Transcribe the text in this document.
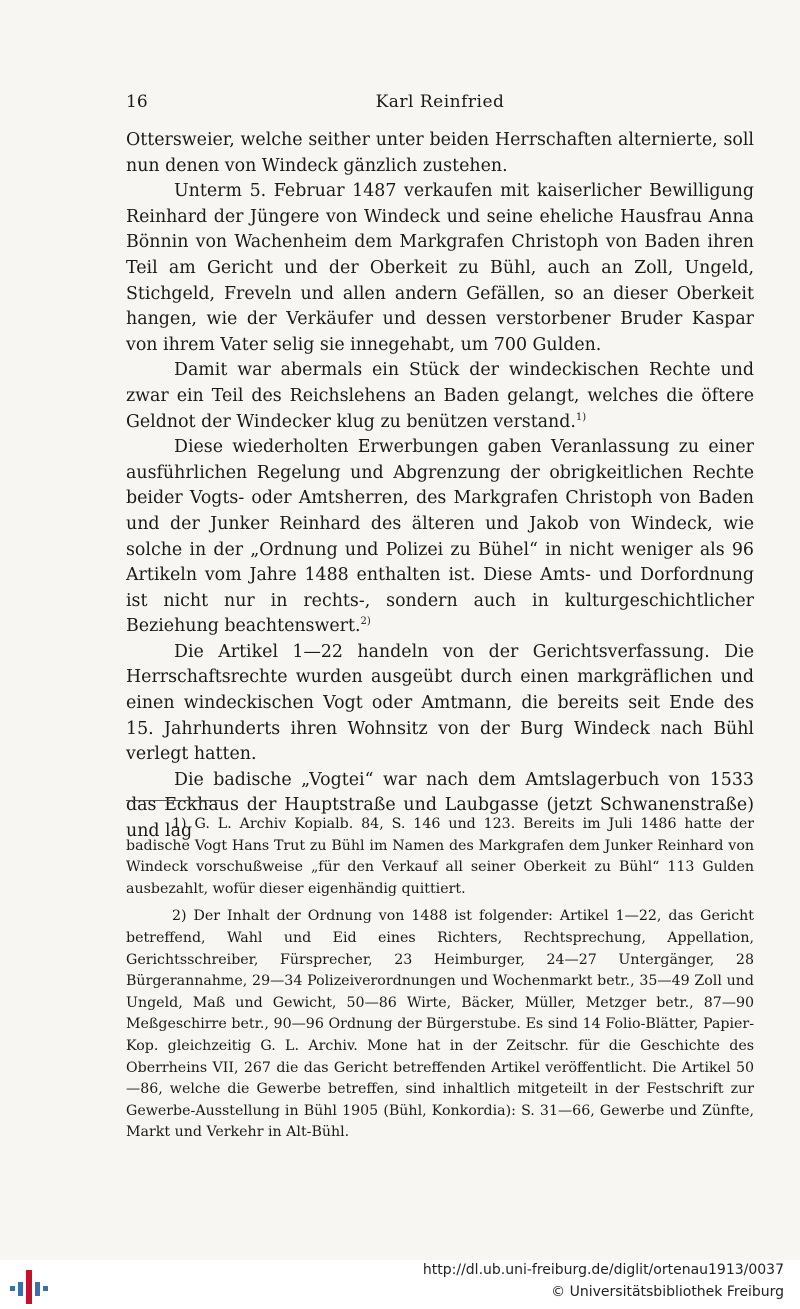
16	Karl Reinfried

Ottersweier, welche seither unter beiden Herrschaften alternierte, soll nun denen von Windeck gänzlich zustehen.

Unterm 5. Februar 1487 verkaufen mit kaiserlicher Bewilligung Reinhard der Jüngere von Windeck und seine eheliche Hausfrau Anna Bönnin von Wachenheim dem Markgrafen Christoph von Baden ihren Teil am Gericht und der Oberkeit zu Bühl, auch an Zoll, Ungeld, Stichgeld, Freveln und allen andern Gefällen, so an dieser Oberkeit hangen, wie der Verkäufer und dessen verstorbener Bruder Kaspar von ihrem Vater selig sie innegehabt, um 700 Gulden.

Damit war abermals ein Stück der windeckischen Rechte und zwar ein Teil des Reichslehens an Baden gelangt, welches die öftere Geldnot der Windecker klug zu benützen verstand.$^{1)}$

Diese wiederholten Erwerbungen gaben Veranlassung zu einer ausführlichen Regelung und Abgrenzung der obrigkeitlichen Rechte beider Vogts- oder Amtsherren, des Markgrafen Christoph von Baden und der Junker Reinhard des älteren und Jakob von Windeck, wie solche in der „Ordnung und Polizei zu Bühel“ in nicht weniger als 96 Artikeln vom Jahre 1488 enthalten ist. Diese Amts- und Dorfordnung ist nicht nur in rechts-, sondern auch in kulturgeschichtlicher Beziehung beachtenswert.$^{2)}$

Die Artikel 1—22 handeln von der Gerichtsverfassung. Die Herrschaftsrechte wurden ausgeübt durch einen markgräflichen und einen windeckischen Vogt oder Amtmann, die bereits seit Ende des 15. Jahrhunderts ihren Wohnsitz von der Burg Windeck nach Bühl verlegt hatten.

Die badische „Vogtei“ war nach dem Amtslagerbuch von 1533 das Eckhaus der Hauptstraße und Laubgasse (jetzt Schwanenstraße) und lag

1) G. L. Archiv Kopialb. 84, S. 146 und 123. Bereits im Juli 1486 hatte der badische Vogt Hans Trut zu Bühl im Namen des Markgrafen dem Junker Reinhard von Windeck vorschußweise „für den Verkauf all seiner Oberkeit zu Bühl“ 113 Gulden ausbezahlt, wofür dieser eigenhändig quittiert.

2) Der Inhalt der Ordnung von 1488 ist folgender: Artikel 1—22, das Gericht betreffend, Wahl und Eid eines Richters, Rechtsprechung, Appellation, Gerichtsschreiber, Fürsprecher, 23 Heimburger, 24—27 Untergänger, 28 Bürgerannahme, 29—34 Polizeiverordnungen und Wochenmarkt betr., 35—49 Zoll und Ungeld, Maß und Gewicht, 50—86 Wirte, Bäcker, Müller, Metzger betr., 87—90 Meßgeschirre betr., 90—96 Ordnung der Bürgerstube. Es sind 14 Folio-Blätter, Papier-Kop. gleichzeitig G. L. Archiv. Mone hat in der Zeitschr. für die Geschichte des Oberrheins VII, 267 die das Gericht betreffenden Artikel veröffentlicht. Die Artikel 50—86, welche die Gewerbe betreffen, sind inhaltlich mitgeteilt in der Festschrift zur Gewerbe-Ausstellung in Bühl 1905 (Bühl, Konkordia): S. 31—66, Gewerbe und Zünfte, Markt und Verkehr in Alt-Bühl.

http://dl.ub.uni-freiburg.de/diglit/ortenau1913/0037
© Universitätsbibliothek Freiburg
